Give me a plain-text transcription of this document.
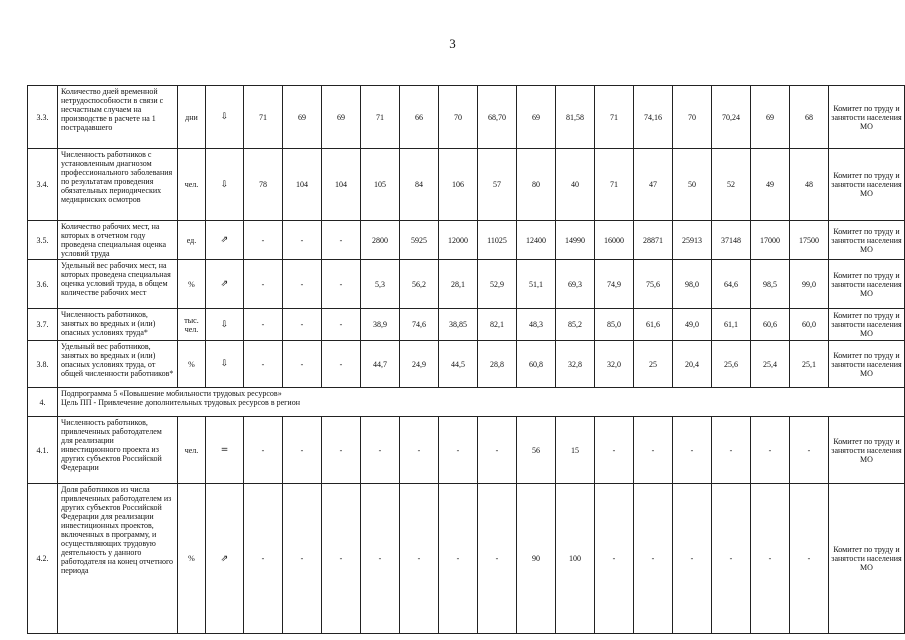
3
3.3.	Количество дней временной нетрудоспособности в связи с несчастным случаем на производстве в расчете на 1 пострадавшего	дни	⇩	71	69	69	71	66	70	68,70	69	81,58	71	74,16	70	70,24	69	68	Комитет по труду и занятости населения МО
3.4.	Численность работников с установленным диагнозом профессионального заболевания по результатам проведения обязательных периодических медицинских осмотров	чел.	⇩	78	104	104	105	84	106	57	80	40	71	47	50	52	49	48	Комитет по труду и занятости населения МО
3.5.	Количество рабочих мест, на которых в отчетном году проведена специальная оценка условий труда	ед.	⇗	-	-	-	2800	5925	12000	11025	12400	14990	16000	28871	25913	37148	17000	17500	Комитет по труду и занятости населения МО
3.6.	Удельный вес рабочих мест, на которых проведена специальная оценка условий труда, в общем количестве рабочих мест	%	⇗	-	-	-	5,3	56,2	28,1	52,9	51,1	69,3	74,9	75,6	98,0	64,6	98,5	99,0	Комитет по труду и занятости населения МО
3.7.	Численность работников, занятых во вредных и (или) опасных условиях труда*	тыс. чел.	⇩	-	-	-	38,9	74,6	38,85	82,1	48,3	85,2	85,0	61,6	49,0	61,1	60,6	60,0	Комитет по труду и занятости населения МО
3.8.	Удельный вес работников, занятых во вредных и (или) опасных условиях труда, от общей численности работников*	%	⇩	-	-	-	44,7	24,9	44,5	28,8	60,8	32,8	32,0	25	20,4	25,6	25,4	25,1	Комитет по труду и занятости населения МО
4.	Подпрограмма 5 «Повышение мобильности трудовых ресурсов»
Цель ПП - Привлечение дополнительных трудовых ресурсов в регион																		

4.1.	Численность работников, привлеченных работодателем для реализации инвестиционного проекта из других субъектов Российской Федерации	чел.	=	-	-	-	-	-	-	-	56	15	-	-	-	-	-	-	Комитет по труду и занятости населения МО
4.2.	Доля работников из числа привлеченных работодателем из других субъектов Российской Федерации для реализации инвестиционных проектов, включенных в программу, и осуществляющих трудовую деятельность у данного работодателя на конец отчетного периода	%	⇗	-	-	-	-	-	-	-	90	100	-	-	-	-	-	-	Комитет по труду и занятости населения МО
